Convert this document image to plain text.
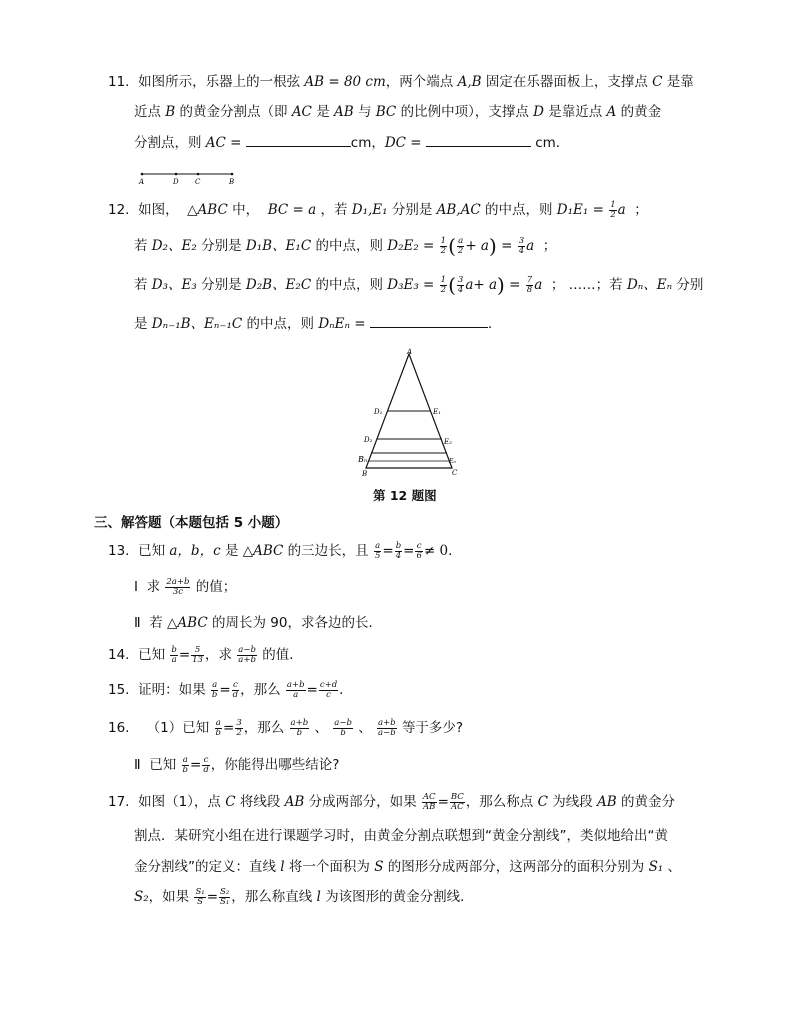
11. 如图所示，乐器上的一根弦 AB = 80 cm，两个端点 A,B 固定在乐器面板上，支撑点 C 是靠
近点 B 的黄金分割点（即 AC 是 AB 与 BC 的比例中项），支撑点 D 是靠近点 A 的黄金
分割点，则 AC =	cm，DC =	cm．
A	D C	B
12. 如图， △ABC 中， BC = a ，若 D₁,E₁ 分别是 AB,AC 的中点，则 $D_1E_1 = \frac{1}{2}$ a ；
若 D₂、E₂ 分别是 D₁B、E₁C 的中点，则 $D_2E_2 = \frac{1}{2}$ ( $\frac{a}{2} + a) = \frac{3}{4}$ a ；
若 D₃、E₃ 分别是 D₂B、E₂C 的中点，则 $D_3E_3 = \frac{1}{2}$ ( $\frac{3}{4} a+ a) = \frac{7}{8}$ a ； ……；若 Dₙ、Eₙ 分别
是 Dₙ₋₁B、Eₙ₋₁C 的中点，则 DₙEₙ =	．
A
D₁	E₁
D₂	E₂
Bₙ	Eₙ
B	C
第 12 题图
三、解答题（本题包括 5 小题）
13. 已知 a，b，c 是 △ABC 的三边长，且 $\frac{a}{5} = \frac{b}{4} = \frac{c}{6} \ne 0$．
Ⅰ 求 $\frac{2a+b}{3c}$ 的值；
Ⅱ 若 △ABC 的周长为 90，求各边的长．
14. 已知 $\frac{b}{a} = \frac{5}{13}$ ，求 $\frac{a-b}{a+b}$ 的值．
15. 证明：如果 $\frac{a}{b} = \frac{c}{d}$ ，那么 $\frac{a+b}{a} = \frac{c+d}{c}$ ．
16. （1）已知 $\frac{a}{b} = \frac{3}{2}$ ，那么 $\frac{a+b}{b}$ 、 $\frac{a-b}{b}$ 、 $\frac{a+b}{a-b}$ 等于多少?
Ⅱ 已知 $\frac{a}{b} = \frac{c}{d}$ ，你能得出哪些结论?
17. 如图（1），点 C 将线段 AB 分成两部分，如果 $\frac{AC}{AB} = \frac{BC}{AC}$ ，那么称点 C 为线段 AB 的黄金分
割点．某研究小组在进行课题学习时，由黄金分割点联想到“黄金分割线”，类似地给出“黄
金分割线”的定义：直线 l 将一个面积为 S 的图形分成两部分，这两部分的面积分别为 S₁ 、
S₂，如果 $\frac{\text{S₁}}{S} = \frac{\text{S₂}}{\text{S₁}}$ ，那么称直线 l 为该图形的黄金分割线．
